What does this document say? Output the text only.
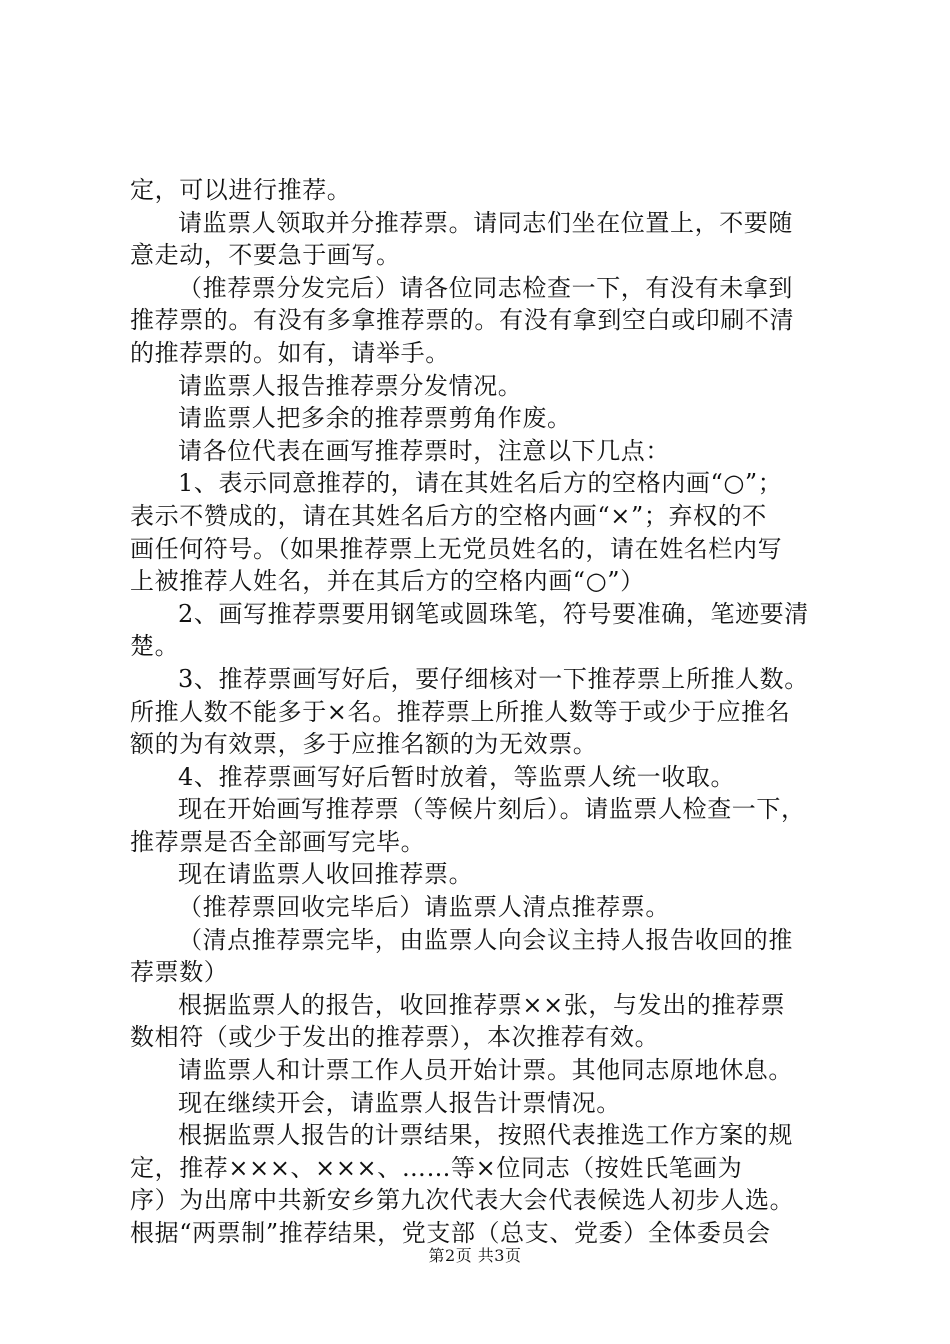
定，可以进行推荐。
请监票人领取并分推荐票。请同志们坐在位置上，不要随
意走动，不要急于画写。
（推荐票分发完后）请各位同志检查一下，有没有未拿到
推荐票的。有没有多拿推荐票的。有没有拿到空白或印刷不清
的推荐票的。如有，请举手。
请监票人报告推荐票分发情况。
请监票人把多余的推荐票剪角作废。
请各位代表在画写推荐票时，注意以下几点：
1、表示同意推荐的，请在其姓名后方的空格内画“○”；
表示不赞成的，请在其姓名后方的空格内画“×”；弃权的不
画任何符号。（如果推荐票上无党员姓名的，请在姓名栏内写
上被推荐人姓名，并在其后方的空格内画“○”）
2、画写推荐票要用钢笔或圆珠笔，符号要准确，笔迹要清
楚。
3、推荐票画写好后，要仔细核对一下推荐票上所推人数。
所推人数不能多于×名。推荐票上所推人数等于或少于应推名
额的为有效票，多于应推名额的为无效票。
4、推荐票画写好后暂时放着，等监票人统一收取。
现在开始画写推荐票（等候片刻后）。请监票人检查一下，
推荐票是否全部画写完毕。
现在请监票人收回推荐票。
（推荐票回收完毕后）请监票人清点推荐票。
（清点推荐票完毕，由监票人向会议主持人报告收回的推
荐票数）
根据监票人的报告，收回推荐票××张，与发出的推荐票
数相符（或少于发出的推荐票），本次推荐有效。
请监票人和计票工作人员开始计票。其他同志原地休息。
现在继续开会，请监票人报告计票情况。
根据监票人报告的计票结果，按照代表推选工作方案的规
定，推荐×××、×××、……等×位同志（按姓氏笔画为
序）为出席中共新安乡第九次代表大会代表候选人初步人选。
根据“两票制”推荐结果，党支部（总支、党委）全体委员会
第2页 共3页
